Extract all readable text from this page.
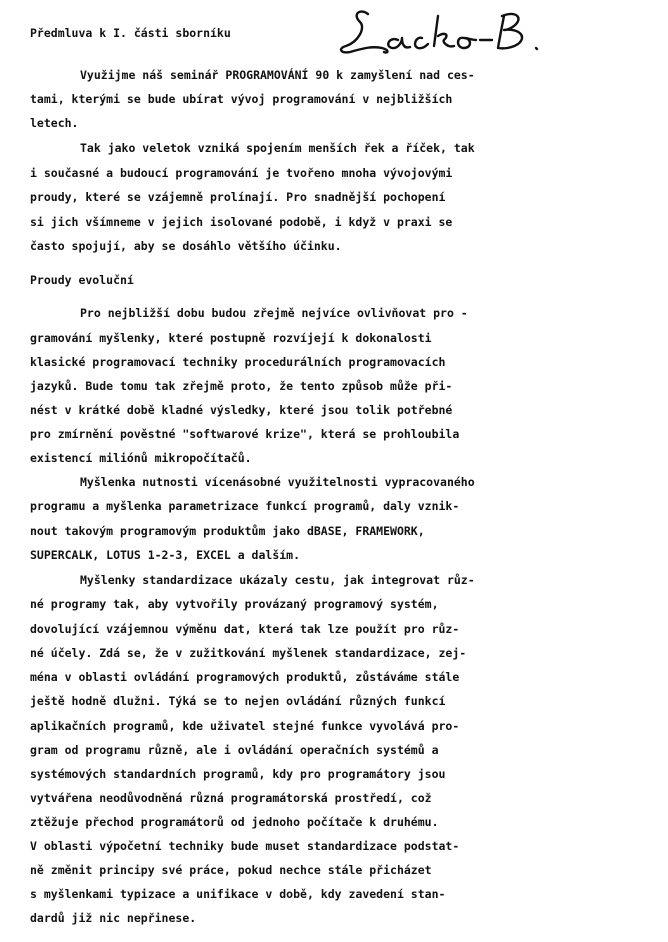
Předmluva k I. části sborníku
Využijme náš seminář PROGRAMOVÁNÍ 90 k zamyšlení nad ces-
tami, kterými se bude ubírat vývoj programování v nejbližších
letech.
Tak jako veletok vzniká spojením menších řek a říček, tak
i současné a budoucí programování je tvořeno mnoha vývojovými
proudy, které se vzájemně prolínají. Pro snadnější pochopení
si jich všímneme v jejich isolované podobě, i když v praxi se
často spojují, aby se dosáhlo většího účinku.
Proudy evoluční
Pro nejbližší dobu budou zřejmě nejvíce ovlivňovat pro -
gramování myšlenky, které postupně rozvíjejí k dokonalosti
klasické programovací techniky procedurálních programovacích
jazyků. Bude tomu tak zřejmě proto, že tento způsob může při-
nést v krátké době kladné výsledky, které jsou tolik potřebné
pro zmírnění pověstné "softwarové krize", která se prohloubila
existencí miliónů mikropočítačů.
Myšlenka nutnosti vícenásobné využitelnosti vypracovaného
programu a myšlenka parametrizace funkcí programů, daly vznik-
nout takovým programovým produktům jako dBASE, FRAMEWORK,
SUPERCALK, LOTUS 1-2-3, EXCEL a dalším.
Myšlenky standardizace ukázaly cestu, jak integrovat růz-
né programy tak, aby vytvořily provázaný programový systém,
dovolující vzájemnou výměnu dat, která tak lze použít pro růz-
né účely. Zdá se, že v zužitkování myšlenek standardizace, zej-
ména v oblasti ovládání programových produktů, zůstáváme stále
ještě hodně dlužni. Týká se to nejen ovládání různých funkcí
aplikačních programů, kde uživatel stejné funkce vyvolává pro-
gram od programu různě, ale i ovládání operačních systémů a
systémových standardních programů, kdy pro programátory jsou
vytvářena neodůvodněná různá programátorská prostředí, což
ztěžuje přechod programátorů od jednoho počítače k druhému.
V oblasti výpočetní techniky bude muset standardizace podstat-
ně změnit principy své práce, pokud nechce stále přicházet
s myšlenkami typizace a unifikace v době, kdy zavedení stan-
dardů již nic nepřinese.
